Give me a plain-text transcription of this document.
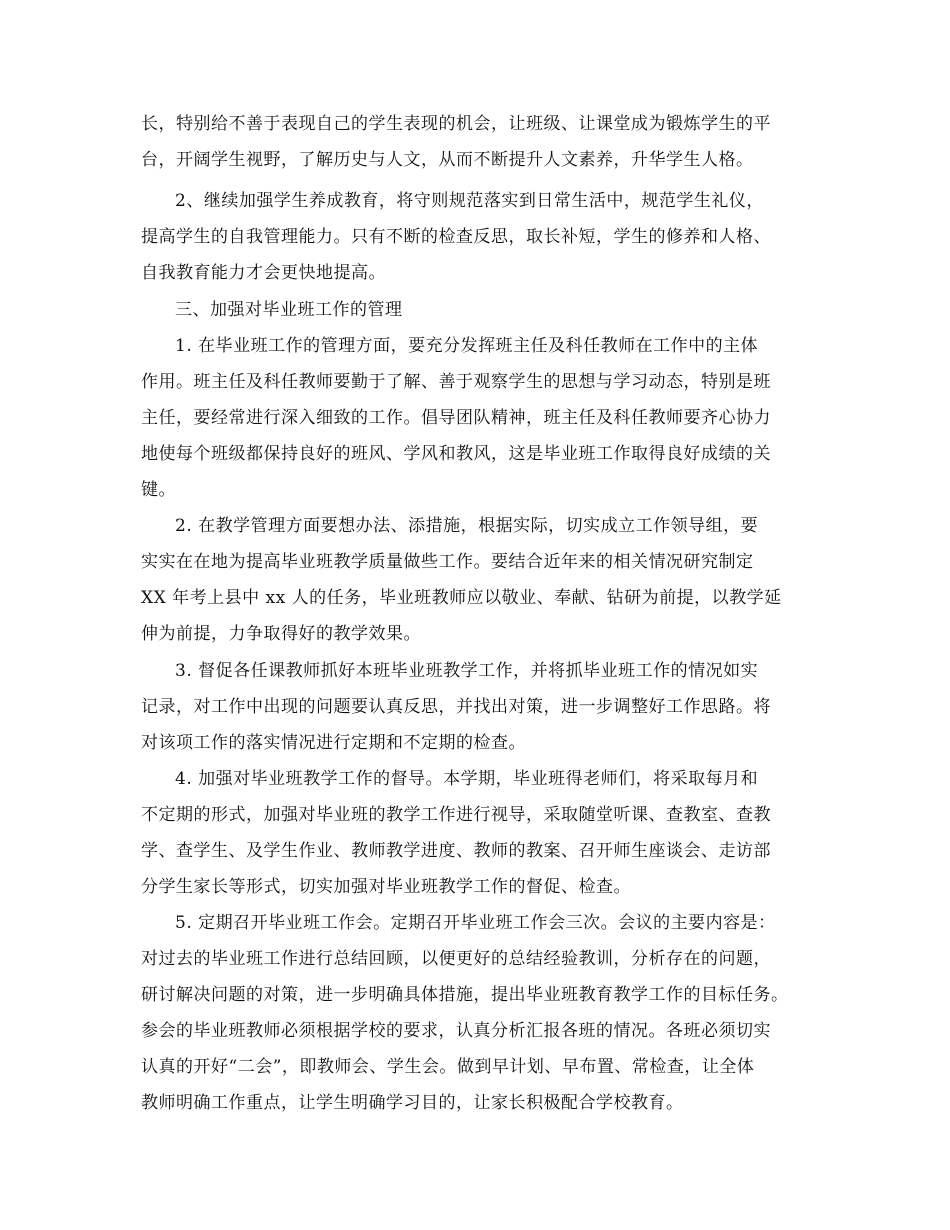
长，特别给不善于表现自己的学生表现的机会，让班级、让课堂成为锻炼学生的平
台，开阔学生视野，了解历史与人文，从而不断提升人文素养，升华学生人格。
2、继续加强学生养成教育，将守则规范落实到日常生活中，规范学生礼仪，
提高学生的自我管理能力。只有不断的检查反思，取长补短，学生的修养和人格、
自我教育能力才会更快地提高。
三、加强对毕业班工作的管理
1. 在毕业班工作的管理方面，要充分发挥班主任及科任教师在工作中的主体
作用。班主任及科任教师要勤于了解、善于观察学生的思想与学习动态，特别是班
主任，要经常进行深入细致的工作。倡导团队精神，班主任及科任教师要齐心协力
地使每个班级都保持良好的班风、学风和教风，这是毕业班工作取得良好成绩的关
键。
2. 在教学管理方面要想办法、添措施，根据实际，切实成立工作领导组，要
实实在在地为提高毕业班教学质量做些工作。要结合近年来的相关情况研究制定
XX 年考上县中 xx 人的任务，毕业班教师应以敬业、奉献、钻研为前提，以教学延
伸为前提，力争取得好的教学效果。
3. 督促各任课教师抓好本班毕业班教学工作，并将抓毕业班工作的情况如实
记录，对工作中出现的问题要认真反思，并找出对策，进一步调整好工作思路。将
对该项工作的落实情况进行定期和不定期的检查。
4. 加强对毕业班教学工作的督导。本学期，毕业班得老师们，将采取每月和
不定期的形式，加强对毕业班的教学工作进行视导，采取随堂听课、查教室、查教
学、查学生、及学生作业、教师教学进度、教师的教案、召开师生座谈会、走访部
分学生家长等形式，切实加强对毕业班教学工作的督促、检查。
5. 定期召开毕业班工作会。定期召开毕业班工作会三次。会议的主要内容是：
对过去的毕业班工作进行总结回顾，以便更好的总结经验教训，分析存在的问题，
研讨解决问题的对策，进一步明确具体措施，提出毕业班教育教学工作的目标任务。
参会的毕业班教师必须根据学校的要求，认真分析汇报各班的情况。各班必须切实
认真的开好“二会”，即教师会、学生会。做到早计划、早布置、常检查，让全体
教师明确工作重点，让学生明确学习目的，让家长积极配合学校教育。
